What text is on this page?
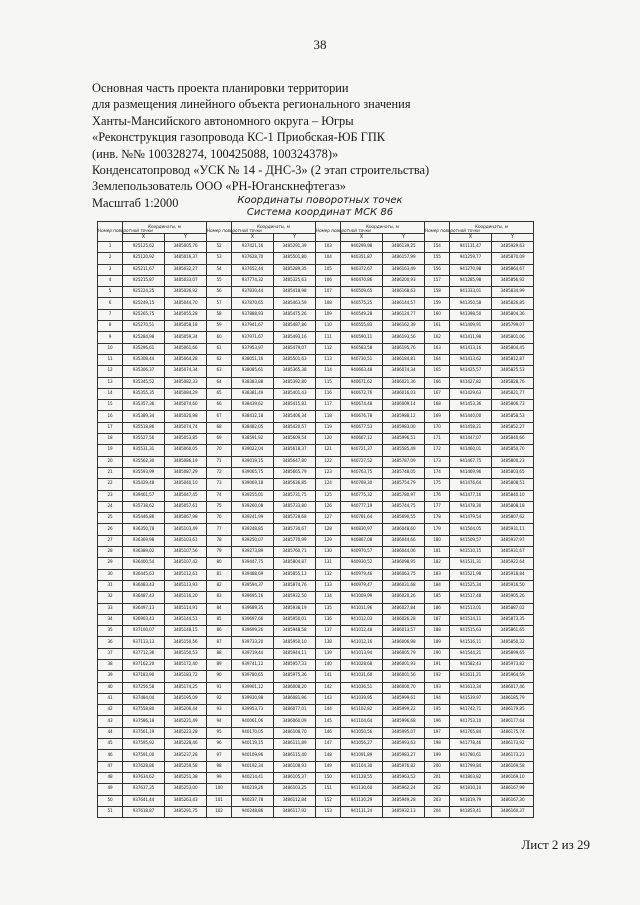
38
Основная часть проекта планировки территории
для размещения линейного объекта регионального значения
Ханты-Мансийского автономного округа – Югры
«Реконструкция газопровода КС-1 Приобская-ЮБ ГПК
(инв. №№ 100328274, 100425088, 100324378)»
Конденсатопровод «УСК № 14 - ДНС-3» (2 этап строительства)
Землепользователь ООО «РН-Юганскнефтегаз»
Масштаб 1:2000	Координаты поворотных точек
Система координат МСК 86
Номер поворотной точки	Координаты, м		Номер поворотной точки	Координаты, м		Номер поворотной точки	Координаты, м		Номер поворотной точки	Координаты, м	
	X	Y		X	Y		X	Y		X	Y
1	925125,62	3485005,76	52	937421,16	3485291,39	103	940299,98	3486139,25	154	941131,47	3485929,63
2	925120,92	3485016,37	53	937628,70	3485501,80	104	940351,87	3486157,99	155	941259,77	3485870,09
3	925211,67	3485032,27	54	937652,44	3485289,35	105	940372,67	3486163,49	156	941270,98	3485864,67
4	925215,87	3485033,07	55	937774,32	3485325,63	106	940470,86	3486200,93	157	941285,98	3485856,92
5	925224,25	3485026,92	56	937830,44	3485418,98	107	940509,65	3486168,63	158	941333,01	3485834,99
6	925249,15	3485044,70	57	937870,65	3485463,59	108	940575,25	3486144,57	159	941350,58	3485826,85
7	925265,75	3485055,28	58	937888,93	3485475,26	109	940549,28	3486124,77	160	941398,50	3485804,36
8	925270,51	3485058,18	59	937941,67	3485487,86	110	940555,83	3486162,39	161	941409,91	3485799,07
9	925284,98	3485059,34	60	937971,67	3485493,16	111	940590,11	3486193,56	162	941411,98	3485801,06
10	935296,61	3485061,66	61	937953,97	3485479,07	112	940583,58	3486195,76	163	941413,16	3485804,45
11	935308,44	3485064,28	62	938051,16	3485501,63	113	940730,51	3486184,81	164	941413,62	3485812,87
12	935306,37	3485074,34	63	938085,61	3485365,38	114	940663,48	3486074,34	165	941425,57	3485825,53
13	935345,52	3485082,33	64	938383,88	3485392,80	115	940671,62	3486021,36	166	941427,82	3485828,76
14	935355,35	3485084,29	65	938381,49	3485401,43	116	940672,76	3486016,03	167	941429,63	3485821,77
15	935357,36	3485074,60	66	938439,62	3485415,81	117	940674,48	3486009,14	168	941453,36	3485806,73
16	935389,34	3485020,98	67	938432,18	3485406,34	118	940676,78	3485988,12	169	941440,00	3485858,53
17	935518,86	3485074,74	68	938482,05	3485420,57	119	940677,53	3485983,00	170	941458,21	3485852,27
18	935527,56	3485053,85	69	938591,92	3485609,54	120	940667,12	3485996,51	171	941447,07	3485840,66
19	935531,31	3485060,05	70	939022,04	3485618,37	121	940721,37	3485585,49	172	941460,01	3485850,70
20	935562,30	3485086,19	71	939019,15	3485647,80	122	940727,52	3485787,09	173	941467,75	3485800,23
21	935593,99	3485087,29	72	939065,75	3485665,79	123	940763,75	3485748,05	174	941469,96	3485803,65
22	935429,48	3485040,10	73	939069,18	3485636,85	124	940769,30	3485754,79	175	941476,64	3485808,51
23	939461,57	3485047,45	74	939255,01	3485731,75	125	940775,32	3485780,97	176	941477,16	3485840,10
24	935738,62	3485057,61	75	939260,08	3485733,80	126	940777,19	3485744,75	177	941478,30	3485808,18
25	935446,86	3485067,98	76	939241,99	3485728,68	127	940781,64	3485690,55	178	941479,54	3485807,62
26	936350,78	3485103,49	77	939248,85	3485730,67	128	940830,97	3486048,60	179	941504,05	3485931,11
27	936369,98	3485103,61	78	939250,07	3485770,99	129	940867,08	3486044,66	180	941509,57	3485937,97
28	936389,02	3485107,56	79	939273,89	3485760,71	130	940970,57	3486044,06	181	941510,15	3485931,67
29	936400,54	3485107,42	80	939447,75	3485804,87	131	940930,52	3486098,95	182	941531,31	3485922,64
30	936445,63	3485112,61	81	939488,69	3485855,13	132	940979,46	3486063,75	183	941521,98	3485918,84
31	936483,43	3485113,93	82	939594,37	3485874,76	133	940979,47	3486031,68	184	941525,34	3485916,50
32	936487,43	3485116,20	83	939695,16	3485932,50	134	941009,99	3486020,26	185	941517,48	3485905,26
33	936497,13	3485114,91	84	939689,35	3485938,19	135	941011,96	3486027,84	186	941513,01	3485887,02
34	936903,43	3485144,51	85	939697,66	3485950,01	136	941012,03	3486026,28	187	941514,11	3485873,35
35	937100,07	3485148,15	86	939699,26	3485948,58	137	941012,48	3486013,57	188	941515,63	3485861,65
36	937113,13	3485150,56	87	939733,20	3485950,10	138	941012,16	3486006,98	189	941516,11	3485850,32
37	937712,36	3485150,53	88	939719,44	3485944,11	139	941013,94	3486005,79	190	941544,21	3485899,65
38	937162,20	3485172,40	89	939741,12	3485957,33	140	941028,68	3486001,93	191	941582,43	3485973,82
39	937183,90	3485183,72	90	939780,65	3485975,36	141	941031,60	3486001,56	192	941611,21	3485964,59
40	937256,58	3485174,25	91	939901,12	3486008,20	142	941036,51	3486000,70	193	941613,34	3486017,46
41	937484,04	3485195,09	92	939930,98	3486081,96	143	941039,95	3485999,61	194	941539,97	3486185,79
42	937558,80	3485206,44	93	939953,73	3486077,01	144	941102,82	3485999,22	195	941742,71	3486179,85
43	937586,18	3485221,49	94	940061,06	3486060,09	145	941104,64	3485996,68	196	941753,10	3486177,64
44	937561,19	3485223,28	95	940170,05	3486108,70	146	941050,56	3485995,07	197	941765,84	3486175,74
45	937595,92	3485228,46	96	940119,15	3486111,89	147	941056,27	3485993,63	198	941778,46	3486173,92
46	937591,00	3485237,28	97	940109,96	3486115,40	148	941091,89	3485983,27	199	941780,61	3486173,21
47	937628,86	3485259,58	98	940192,34	3486108,93	149	941104,30	3485976,82	200	941799,84	3486169,58
48	937634,62	3485251,38	99	940214,41	3486105,37	150	941128,55	3485963,52	201	941803,82	3486169,10
49	937637,35	3485253,00	100	940219,26	3486103,25	151	941130,60	3485962,24	202	941810,10	3486167,99
50	937641,44	3485263,43	101	940237,78	3486112,84	152	941130,29	3485949,28	203	941819,79	3486167,30
51	937618,87	3485291,75	102	940248,86	3486117,92	153	941131,24	3485932,13	204	941853,41	3486160,37
Лист 2 из 29
